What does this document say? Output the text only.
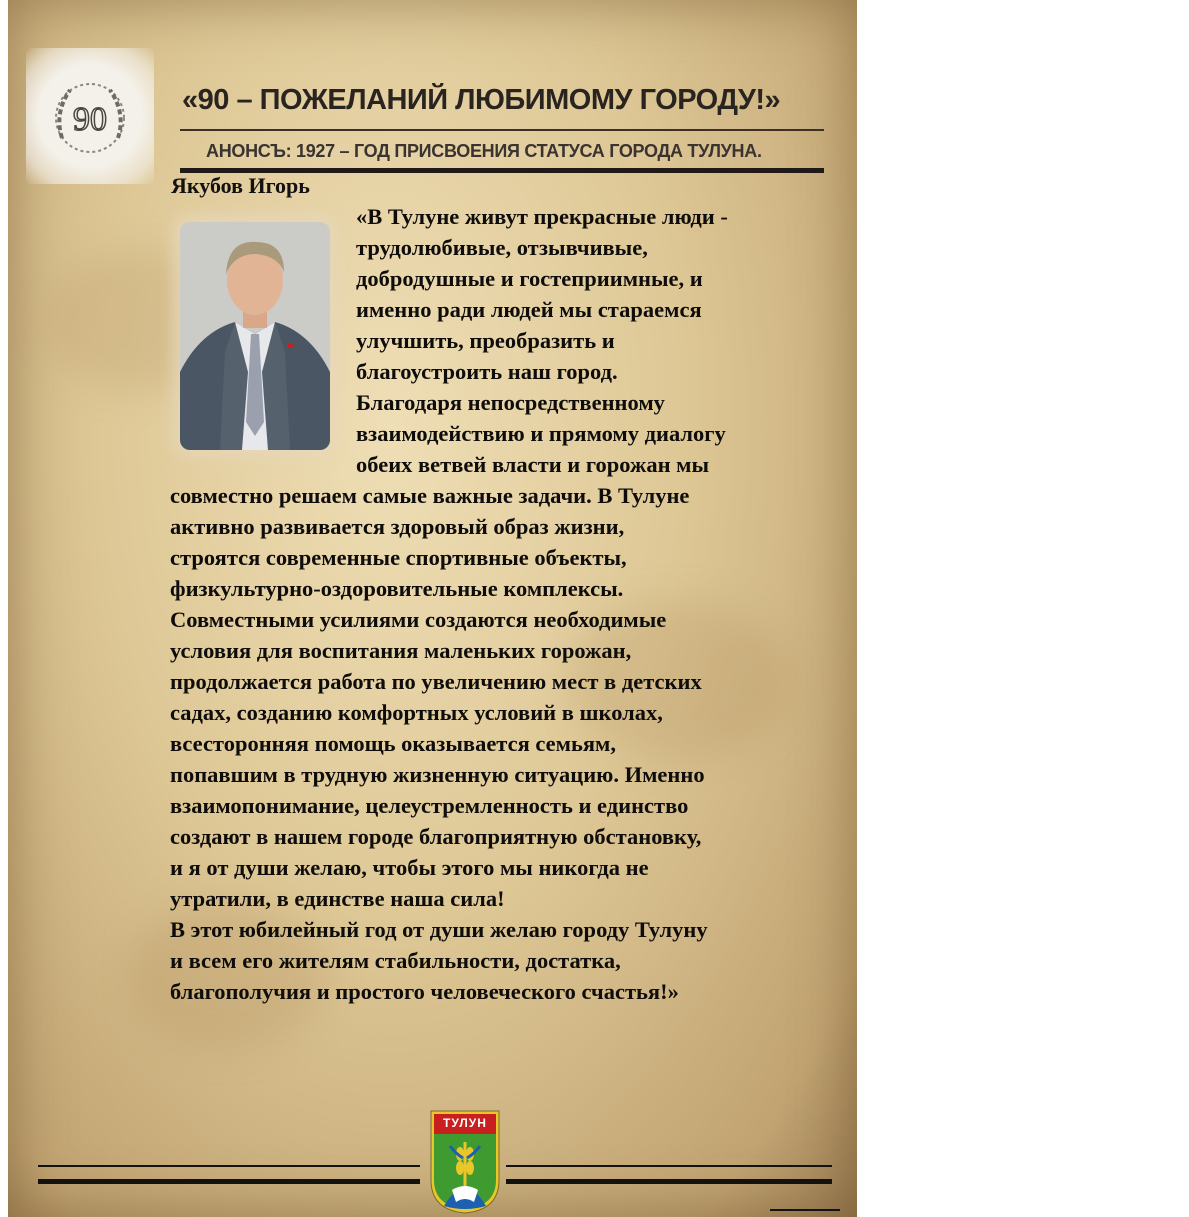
90
«90 – ПОЖЕЛАНИЙ ЛЮБИМОМУ ГОРОДУ!»
АНОНСЪ: 1927 – ГОД ПРИСВОЕНИЯ СТАТУСА ГОРОДА ТУЛУНА.
Якубов Игорь
«В Тулуне живут прекрасные люди -
трудолюбивые, отзывчивые,
добродушные и гостеприимные, и
именно ради людей мы стараемся
улучшить, преобразить и
благоустроить наш город.
Благодаря непосредственному
взаимодействию и прямому диалогу
обеих ветвей власти и горожан мы
совместно решаем самые важные задачи. В Тулуне
активно развивается здоровый образ жизни,
строятся современные спортивные объекты,
физкультурно-оздоровительные комплексы.
Совместными усилиями создаются необходимые
условия для воспитания маленьких горожан,
продолжается работа по увеличению мест в детских
садах, созданию комфортных условий в школах,
всесторонняя помощь оказывается семьям,
попавшим в трудную жизненную ситуацию. Именно
взаимопонимание, целеустремленность и единство
создают в нашем городе благоприятную обстановку,
и я от души желаю, чтобы этого мы никогда не
утратили, в единстве наша сила!
В этот юбилейный год от души желаю городу Тулуну
и всем его жителям стабильности, достатка,
благополучия и простого человеческого счастья!»
ТУЛУН
